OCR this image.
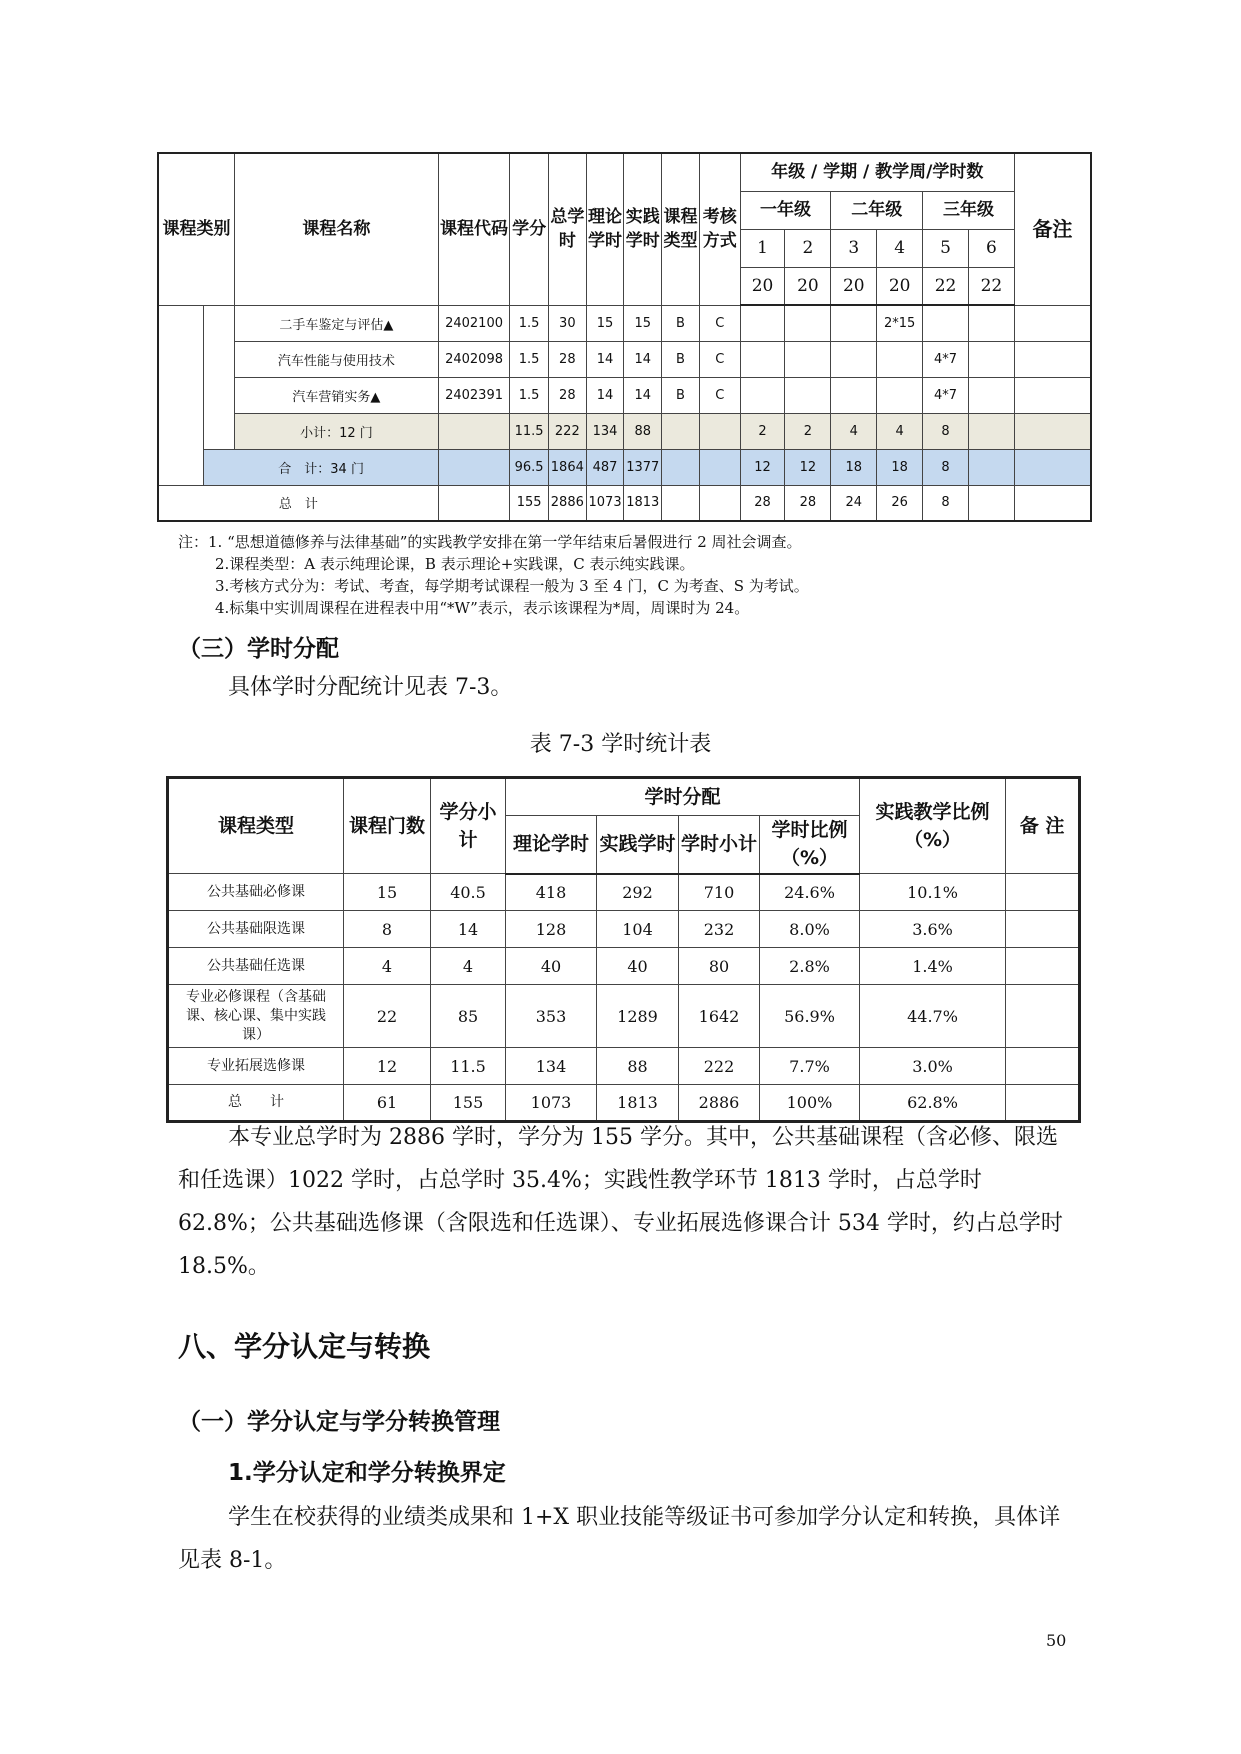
课程类别		课程名称	课程代码	学分	总学时	理论学时	实践学时	课程类型	考核方式	年级 / 学期 / 教学周/学时数						备注
										一年级		二年级		三年级		
										1	2	3	4	5	6	
										20	20	20	20	22	22	
		二手车鉴定与评估▲	2402100	1.5	30	15	15	B	C				2*15			
		汽车性能与使用技术	2402098	1.5	28	14	14	B	C					4*7		
		汽车营销实务▲	2402391	1.5	28	14	14	B	C					4*7		
		小计：12 门		11.5	222	134	88			2	2	4	4	8		
	合　计：34 门			96.5	1864	487	1377			12	12	18	18	8		
总　计				155	2886	1073	1813			28	28	24	26	8		
注：1. “思想道德修养与法律基础”的实践教学安排在第一学年结束后暑假进行 2 周社会调查。
2.课程类型：A 表示纯理论课，B 表示理论+实践课，C 表示纯实践课。
3.考核方式分为：考试、考查，每学期考试课程一般为 3 至 4 门，C 为考查、S 为考试。
4.标集中实训周课程在进程表中用“*W”表示，表示该课程为*周，周课时为 24。
（三）学时分配
具体学时分配统计见表 7-3。
表 7-3 学时统计表
课程类型	课程门数	学分小计	学时分配				实践教学比例（%）	备 注
			理论学时	实践学时	学时小计	学时比例（%）		
公共基础必修课	15	40.5	418	292	710	24.6%	10.1%	
公共基础限选课	8	14	128	104	232	8.0%	3.6%	
公共基础任选课	4	4	40	40	80	2.8%	1.4%	
专业必修课程（含基础课、核心课、集中实践课）	22	85	353	1289	1642	56.9%	44.7%	
专业拓展选修课	12	11.5	134	88	222	7.7%	3.0%	
总　　计	61	155	1073	1813	2886	100%	62.8%	
本专业总学时为 2886 学时，学分为 155 学分。其中，公共基础课程（含必修、限选和任选课）1022 学时，占总学时 35.4%；实践性教学环节 1813 学时，占总学时 62.8%；公共基础选修课（含限选和任选课）、专业拓展选修课合计 534 学时，约占总学时 18.5%。
八、学分认定与转换
（一）学分认定与学分转换管理
1.学分认定和学分转换界定
学生在校获得的业绩类成果和 1+X 职业技能等级证书可参加学分认定和转换，具体详见表 8-1。
50
